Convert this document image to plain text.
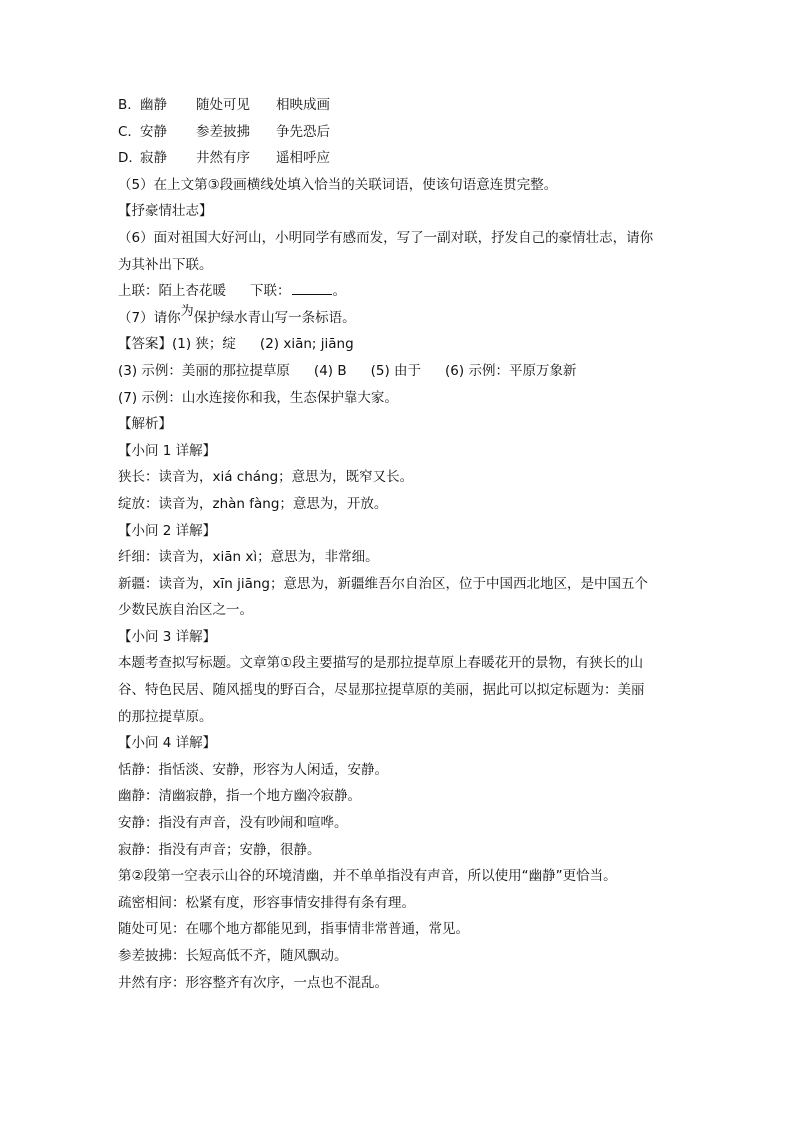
B. 幽静 随处可见 相映成画
C. 安静 参差披拂 争先恐后
D. 寂静 井然有序 遥相呼应
（5）在上文第③段画横线处填入恰当的关联词语，使该句语意连贯完整。
【抒豪情壮志】
（6）面对祖国大好河山，小明同学有感而发，写了一副对联，抒发自己的豪情壮志，请你
为其补出下联。
上联：陌上杏花暖 下联：	。
（7）请你为保护绿水青山写一条标语。
【答案】(1) 狭；绽 (2) xiān; jiāng
(3) 示例：美丽的那拉提草原 (4) B (5) 由于 (6) 示例：平原万象新
(7) 示例：山水连接你和我，生态保护靠大家。
【解析】
【小问 1 详解】
狭长：读音为，xiá cháng；意思为，既窄又长。
绽放：读音为，zhàn fàng；意思为，开放。
【小问 2 详解】
纤细：读音为，xiān xì；意思为，非常细。
新疆：读音为，xīn jiāng；意思为，新疆维吾尔自治区，位于中国西北地区，是中国五个
少数民族自治区之一。
【小问 3 详解】
本题考查拟写标题。文章第①段主要描写的是那拉提草原上春暖花开的景物，有狭长的山
谷、特色民居、随风摇曳的野百合，尽显那拉提草原的美丽，据此可以拟定标题为：美丽
的那拉提草原。
【小问 4 详解】
恬静：指恬淡、安静，形容为人闲适，安静。
幽静：清幽寂静，指一个地方幽冷寂静。
安静：指没有声音，没有吵闹和喧哗。
寂静：指没有声音；安静，很静。
第②段第一空表示山谷的环境清幽，并不单单指没有声音，所以使用“幽静”更恰当。
疏密相间：松紧有度，形容事情安排得有条有理。
随处可见：在哪个地方都能见到，指事情非常普通，常见。
参差披拂：长短高低不齐，随风飘动。
井然有序：形容整齐有次序，一点也不混乱。
